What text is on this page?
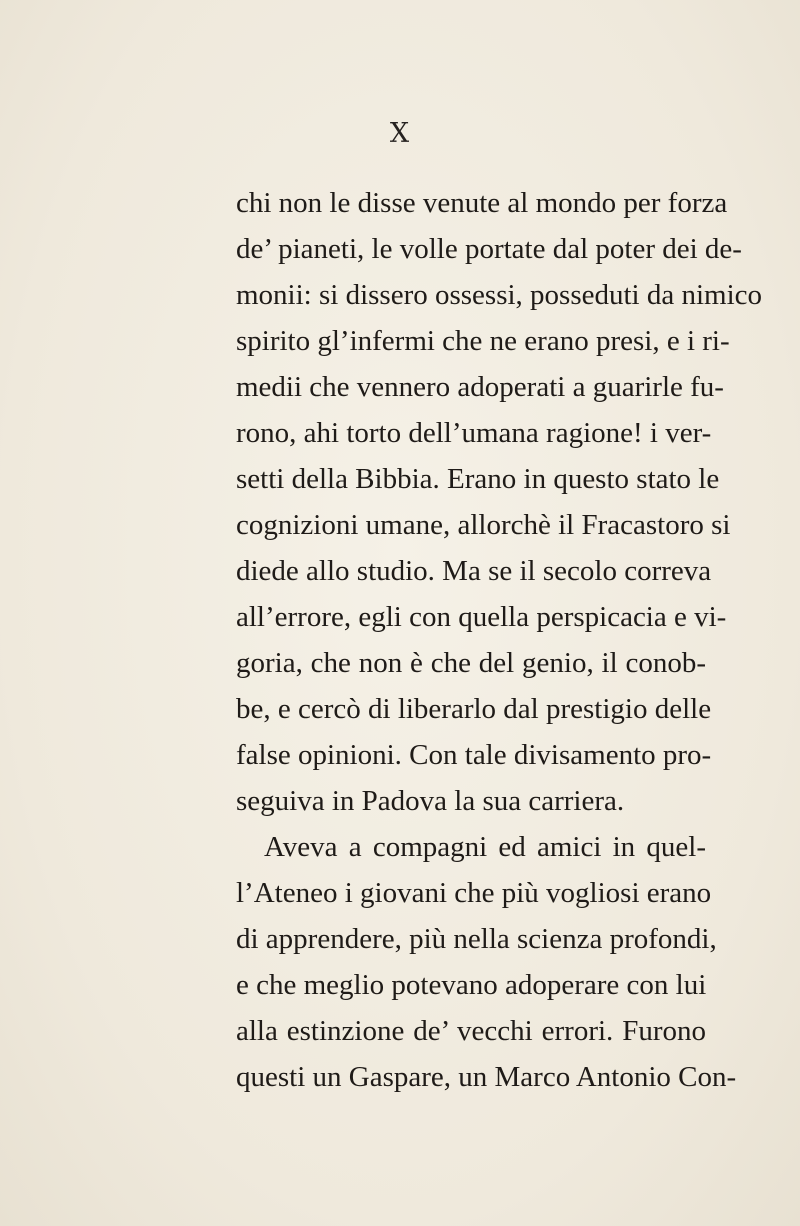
X
chi non le disse venute al mondo per forza
de’ pianeti, le volle portate dal poter dei de-
monii: si dissero ossessi, posseduti da nimico
spirito gl’infermi che ne erano presi, e i ri-
medii che vennero adoperati a guarirle fu-
rono, ahi torto dell’umana ragione! i ver-
setti della Bibbia. Erano in questo stato le
cognizioni umane, allorchè il Fracastoro si
diede allo studio. Ma se il secolo correva
all’errore, egli con quella perspicacia e vi-
goria, che non è che del genio, il conob-
be, e cercò di liberarlo dal prestigio delle
false opinioni. Con tale divisamento pro-
seguiva in Padova la sua carriera.
Aveva a compagni ed amici in quel-
l’Ateneo i giovani che più vogliosi erano
di apprendere, più nella scienza profondi,
e che meglio potevano adoperare con lui
alla estinzione de’ vecchi errori. Furono
questi un Gaspare, un Marco Antonio Con-
